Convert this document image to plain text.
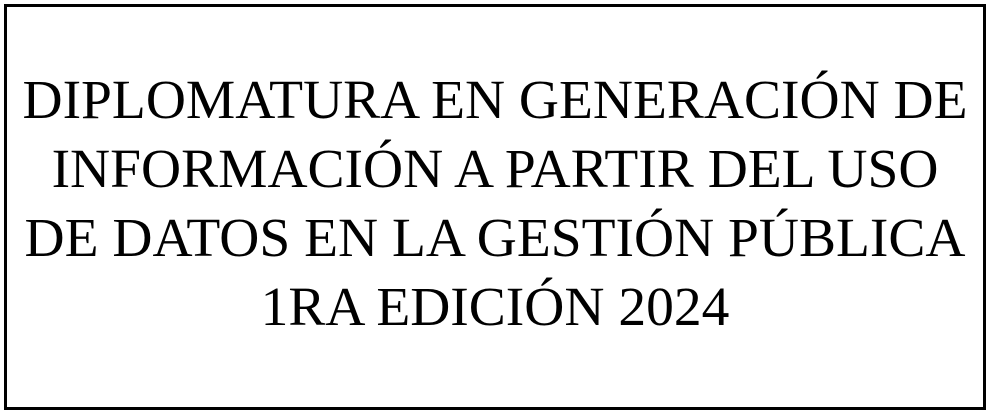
DIPLOMATURA EN GENERACIÓN DE
INFORMACIÓN A PARTIR DEL USO
DE DATOS EN LA GESTIÓN PÚBLICA
1RA EDICIÓN 2024
